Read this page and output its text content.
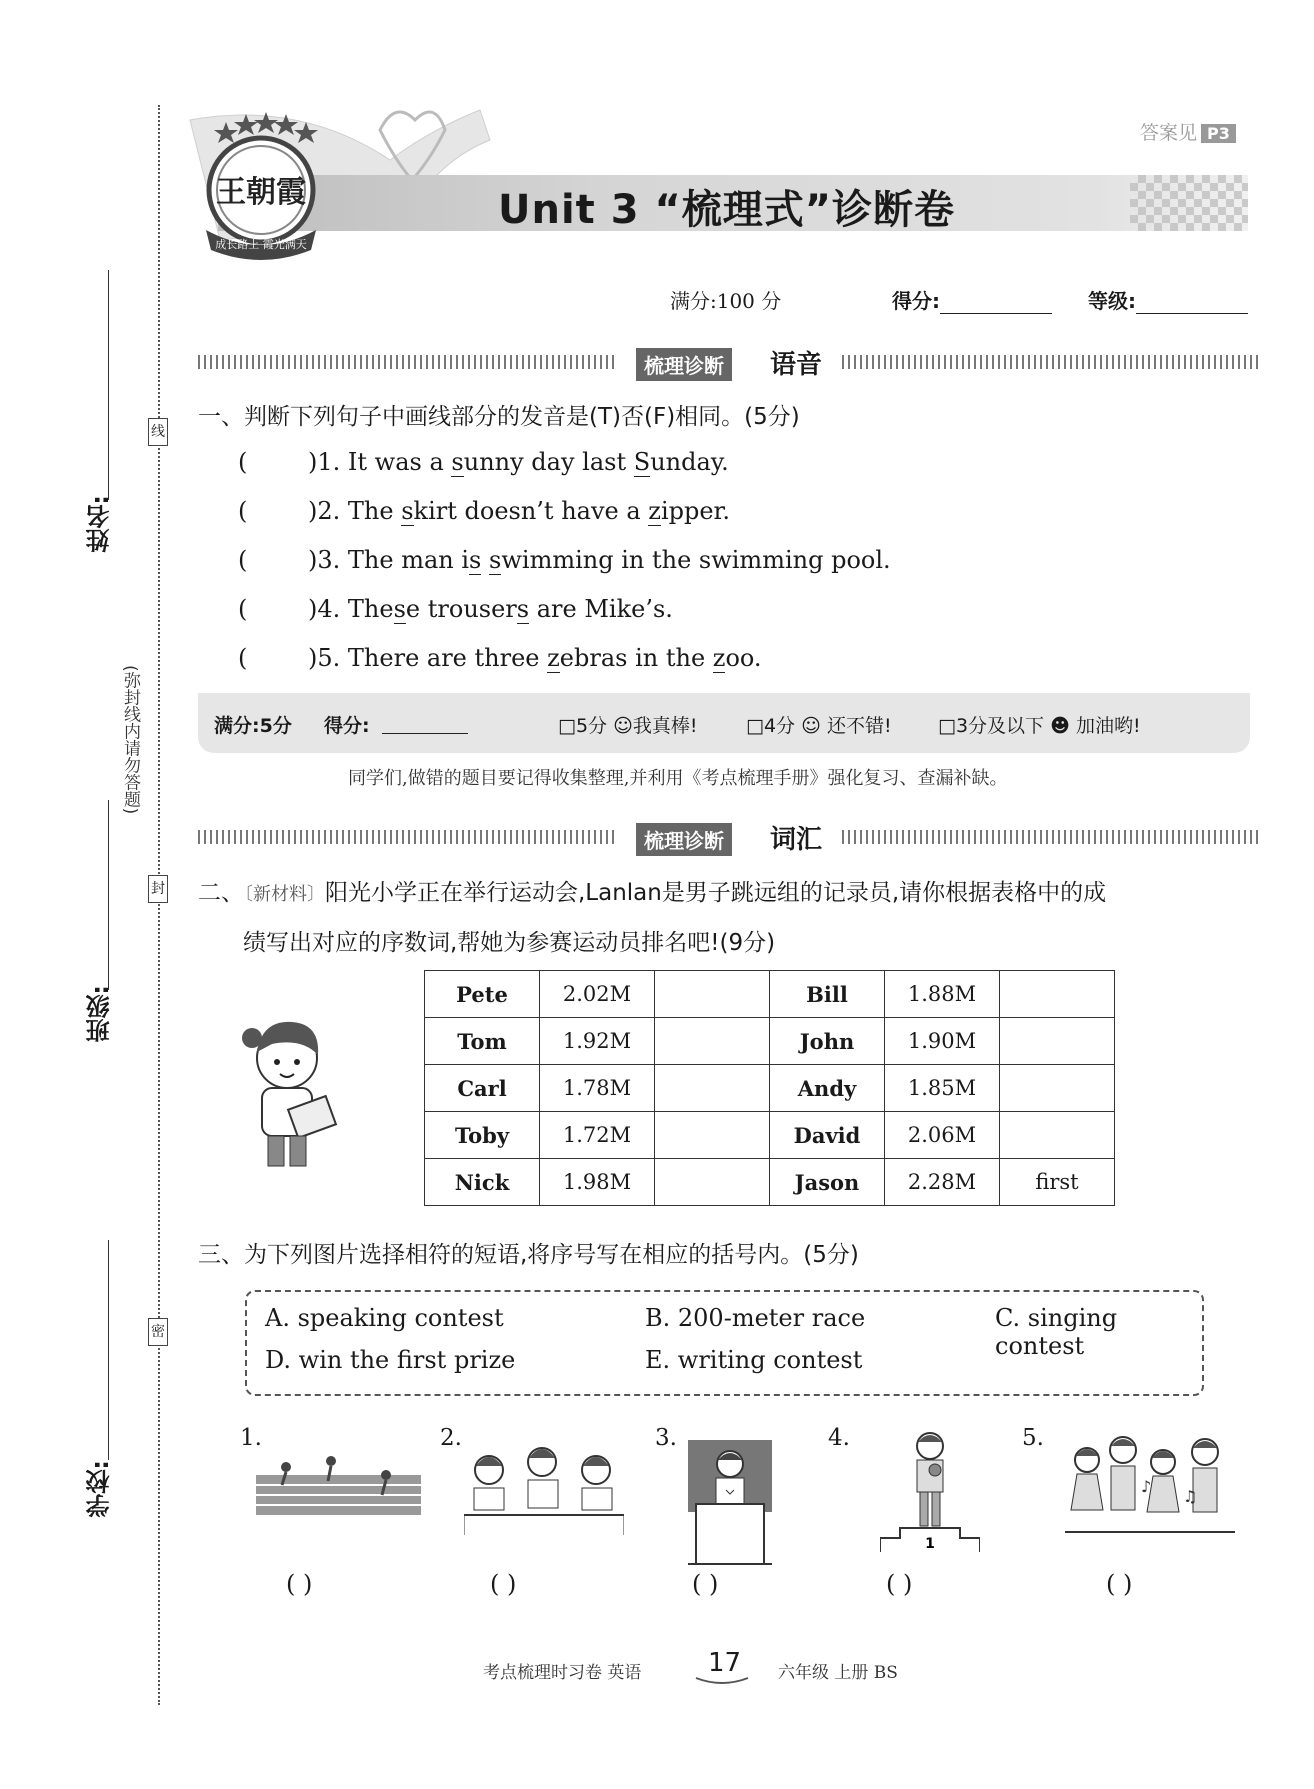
线
封
密
(弥封线内请勿答题)
姓名:
班级:
学校:
答案见 P3
王朝霞
成长路上 霞光满天
Unit 3 “梳理式”诊断卷
满分:100 分	得分:	等级:
梳理诊断	语音
一、判断下列句子中画线部分的发音是(T)否(F)相同。(5分)
(	)1. It was a sunny day last Sunday.
(	)2. The skirt doesn’t have a zipper.
(	)3. The man is swimming in the swimming pool.
(	)4. These trousers are Mike’s.
(	)5. There are three zebras in the zoo.
满分:5分 得分:	□5分 ☺我真棒!	□4分 ☺ 还不错! □3分及以下 ☻ 加油哟!
同学们,做错的题目要记得收集整理,并利用《考点梳理手册》强化复习、查漏补缺。
梳理诊断	词汇
二、〔新材料〕阳光小学正在举行运动会,Lanlan是男子跳远组的记录员,请你根据表格中的成
绩写出对应的序数词,帮她为参赛运动员排名吧!(9分)
Pete	2.02M		Bill	1.88M	
Tom	1.92M		John	1.90M	
Carl	1.78M		Andy	1.85M	
Toby	1.72M		David	2.06M	
Nick	1.98M		Jason	2.28M	first
三、为下列图片选择相符的短语,将序号写在相应的括号内。(5分)
A. speaking contest	B. 200-meter race	C. singing contest
D. win the first prize	E. writing contest
1.	2.	3.	4.	5.
1
♪
♫
( )	( )	( )	( )	( )
考点梳理时习卷 英语	17 六年级 上册 BS
